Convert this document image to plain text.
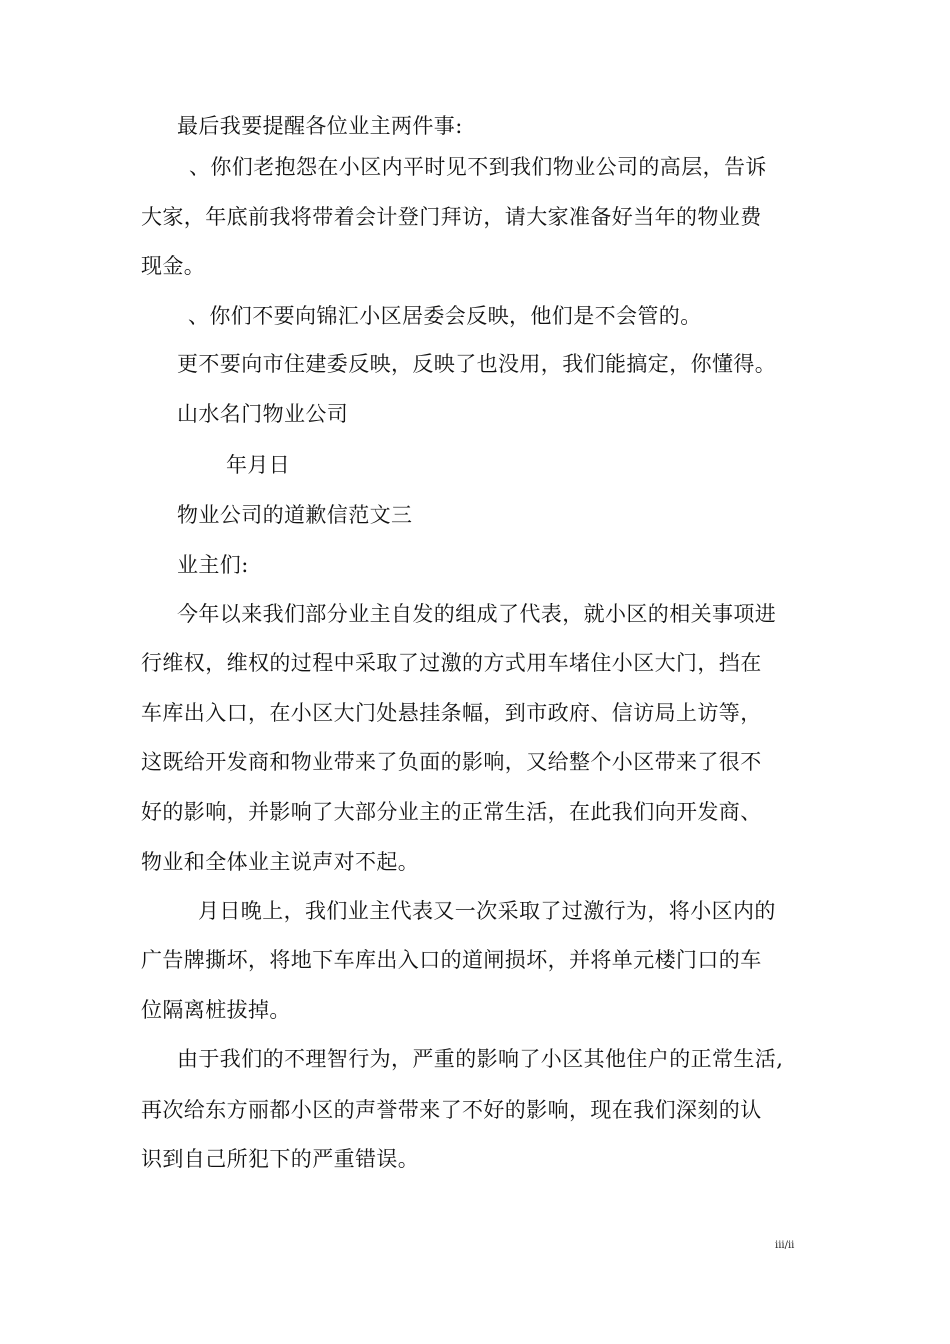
最后我要提醒各位业主两件事:
、你们老抱怨在小区内平时见不到我们物业公司的高层，告诉
大家，年底前我将带着会计登门拜访，请大家准备好当年的物业费
现金。
、你们不要向锦汇小区居委会反映，他们是不会管的。
更不要向市住建委反映，反映了也没用，我们能搞定，你懂得。
山水名门物业公司
年月日
物业公司的道歉信范文三
业主们:
今年以来我们部分业主自发的组成了代表，就小区的相关事项进
行维权，维权的过程中采取了过激的方式用车堵住小区大门，挡在
车库出入口，在小区大门处悬挂条幅，到市政府、信访局上访等，
这既给开发商和物业带来了负面的影响，又给整个小区带来了很不
好的影响，并影响了大部分业主的正常生活，在此我们向开发商、
物业和全体业主说声对不起。
月日晚上，我们业主代表又一次采取了过激行为，将小区内的
广告牌撕坏，将地下车库出入口的道闸损坏，并将单元楼门口的车
位隔离桩拔掉。
由于我们的不理智行为，严重的影响了小区其他住户的正常生活,
再次给东方丽都小区的声誉带来了不好的影响，现在我们深刻的认
识到自己所犯下的严重错误。
iii/ii
